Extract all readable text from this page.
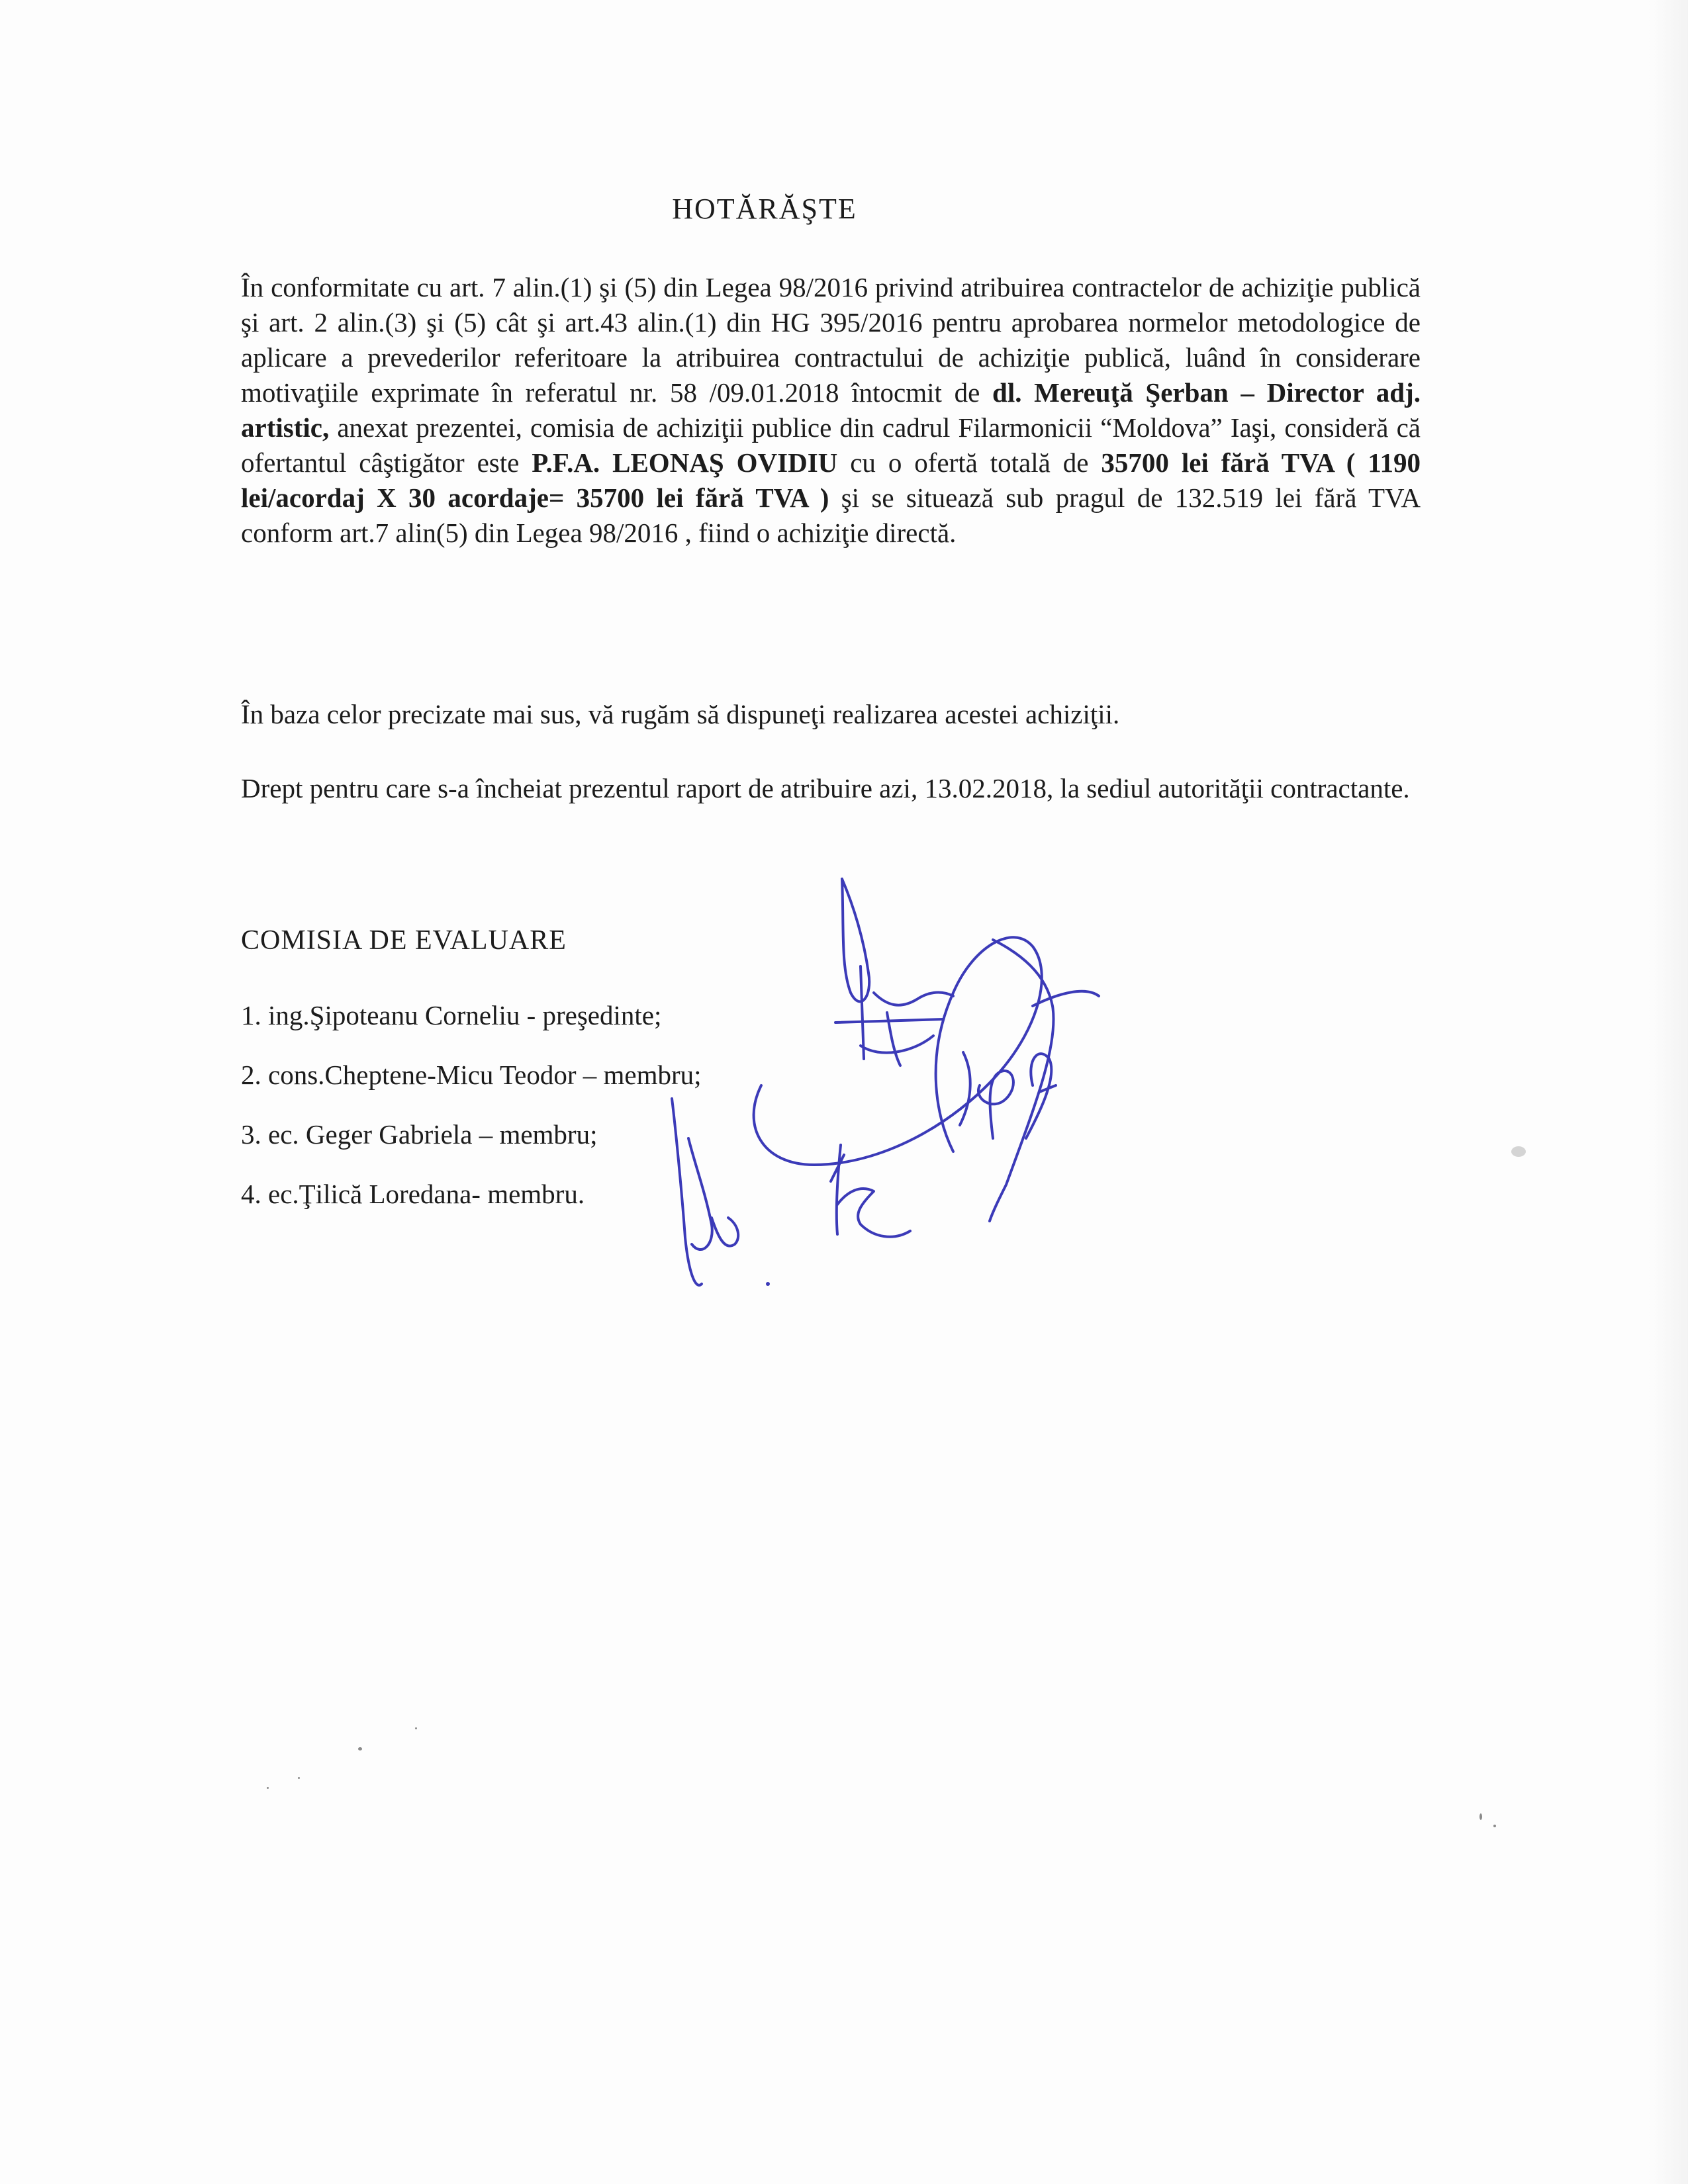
HOTĂRĂŞTE

În conformitate cu art. 7 alin.(1) şi (5) din Legea 98/2016 privind atribuirea contractelor de achiziţie publică şi art. 2 alin.(3) şi (5) cât şi art.43 alin.(1) din HG 395/2016 pentru aprobarea normelor metodologice de aplicare a prevederilor referitoare la atribuirea contractului de achiziţie publică, luând în considerare motivaţiile exprimate în referatul nr. 58 /09.01.2018 întocmit de dl. Mereuţă Şerban – Director adj. artistic, anexat prezentei, comisia de achiziţii publice din cadrul Filarmonicii “Moldova” Iaşi, consideră că ofertantul câştigător este P.F.A. LEONAŞ OVIDIU cu o ofertă totală de 35700 lei fără TVA ( 1190 lei/acordaj X 30 acordaje= 35700 lei fără TVA ) şi se situează sub pragul de 132.519 lei fără TVA conform art.7 alin(5) din Legea 98/2016 , fiind o achiziţie directă.

În baza celor precizate mai sus, vă rugăm să dispuneţi realizarea acestei achiziţii.

Drept pentru care s-a încheiat prezentul raport de atribuire azi, 13.02.2018, la sediul autorităţii contractante.

COMISIA DE EVALUARE
1. ing.Şipoteanu Corneliu - preşedinte;
2. cons.Cheptene-Micu Teodor – membru;
3. ec. Geger Gabriela – membru;
4. ec.Ţilică Loredana- membru.
